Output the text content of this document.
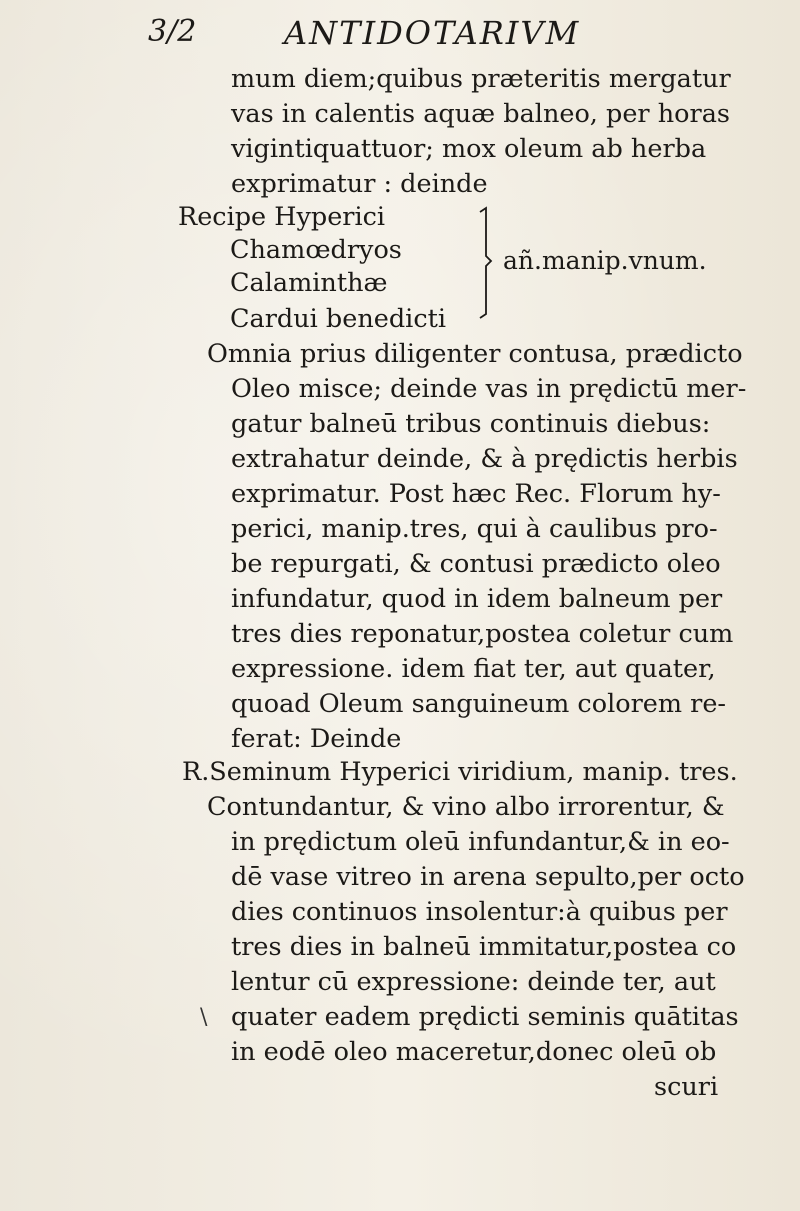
3/2	ANTIDOTARIVM
mum diem;quibus præteritis mergatur
vas in calentis aquæ balneo, per horas
vigintiquattuor; mox oleum ab herba
exprimatur : deinde
Recipe Hyperici
Chamœdryos
Calaminthæ
Cardui benedicti
añ.manip.vnum.
Omnia prius diligenter contusa, prædicto
Oleo misce; deinde vas in prędictū mer-
gatur balneū tribus continuis diebus:
extrahatur deinde, & à prędictis herbis
exprimatur. Post hæc Rec. Florum hy-
perici, manip.tres, qui à caulibus pro-
be repurgati, & contusi prædicto oleo
infundatur, quod in idem balneum per
tres dies reponatur,postea coletur cum
expressione. idem fiat ter, aut quater,
quoad Oleum sanguineum colorem re-
ferat: Deinde
R.Seminum Hyperici viridium, manip. tres.
Contundantur, & vino albo irrorentur, &
in prędictum oleū infundantur,& in eo-
dē vase vitreo in arena sepulto,per octo
dies continuos insolentur:à quibus per
tres dies in balneū immitatur,postea co
lentur cū expressione: deinde ter, aut
quater eadem prędicti seminis quātitas
in eodē oleo maceretur,donec oleū ob
scuri
\
